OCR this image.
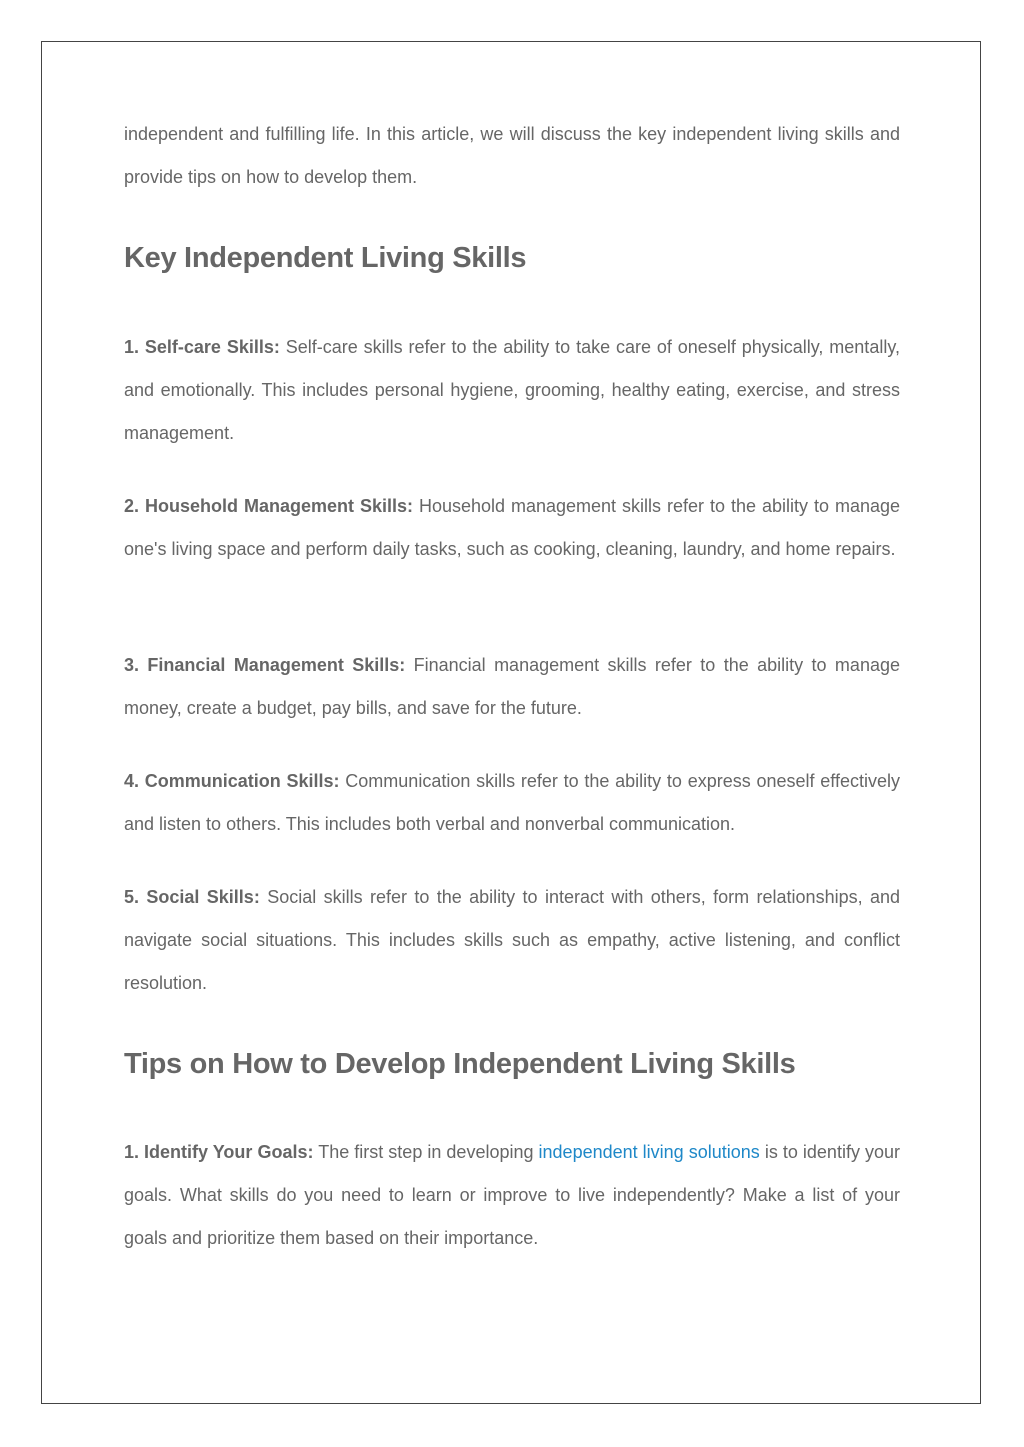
independent and fulfilling life. In this article, we will discuss the key independent living skills and provide tips on how to develop them.

Key Independent Living Skills

1. Self-care Skills: Self-care skills refer to the ability to take care of oneself physically, mentally, and emotionally. This includes personal hygiene, grooming, healthy eating, exercise, and stress management.

2. Household Management Skills: Household management skills refer to the ability to manage one's living space and perform daily tasks, such as cooking, cleaning, laundry, and home repairs.

3. Financial Management Skills: Financial management skills refer to the ability to manage money, create a budget, pay bills, and save for the future.

4. Communication Skills: Communication skills refer to the ability to express oneself effectively and listen to others. This includes both verbal and nonverbal communication.

5. Social Skills: Social skills refer to the ability to interact with others, form relationships, and navigate social situations. This includes skills such as empathy, active listening, and conflict resolution.

Tips on How to Develop Independent Living Skills

1. Identify Your Goals: The first step in developing independent living solutions is to identify your goals. What skills do you need to learn or improve to live independently? Make a list of your goals and prioritize them based on their importance.
